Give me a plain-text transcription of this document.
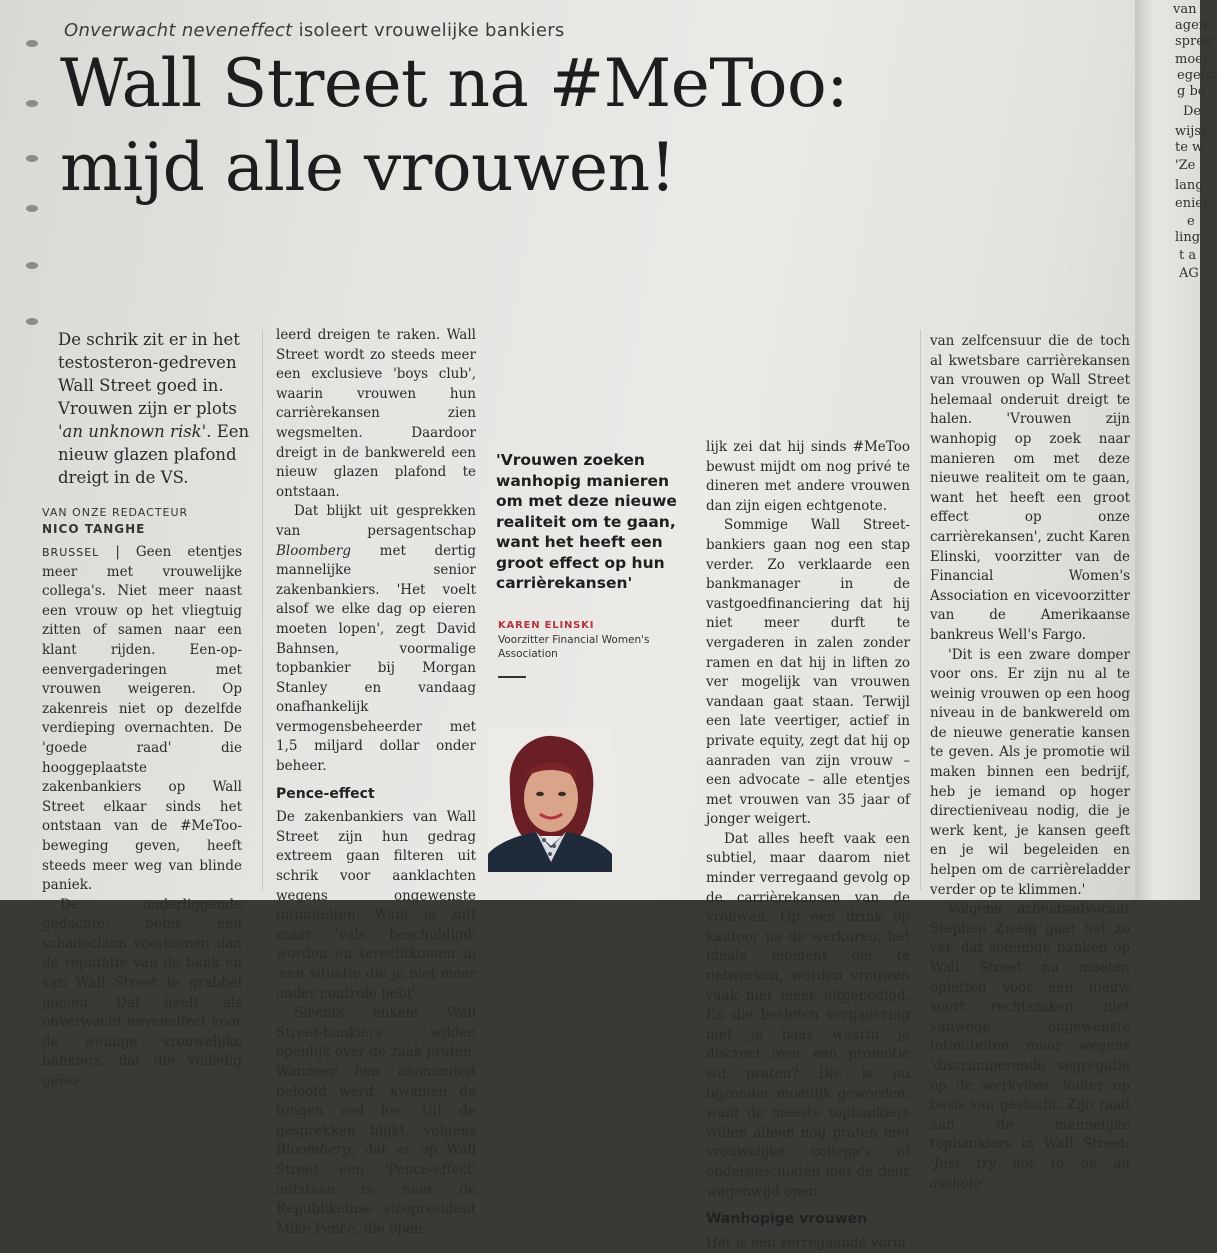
Onverwacht neveneffect isoleert vrouwelijke bankiers
Wall Street na #MeToo:
mijd alle vrouwen!
De schrik zit er in het testosteron-gedreven Wall Street goed in. Vrouwen zijn er plots 'an unknown risk'. Een nieuw glazen plafond dreigt in de VS.
VAN ONZE REDACTEUR
NICO TANGHE

BRUSSEL | Geen etentjes meer met vrouwelijke collega's. Niet meer naast een vrouw op het vliegtuig zitten of samen naar een klant rijden. Een-op-eenvergaderingen met vrouwen weigeren. Op zakenreis niet op dezelfde verdieping overnachten. De 'goede raad' die hooggeplaatste zakenbankiers op Wall Street elkaar sinds het ontstaan van de #MeToo-beweging geven, heeft steeds meer weg van blinde paniek.

De onderliggende gedachte: beter een schadeclaim voorkomen dan de reputatie van de bank en van Wall Street te grabbel gooien. Dat heeft als onverwacht neveneffect voor de weinige vrouwelijke bankiers, dat die volledig geïso-

leerd dreigen te raken. Wall Street wordt zo steeds meer een exclusieve 'boys club', waarin vrouwen hun carrièrekansen zien wegsmelten. Daardoor dreigt in de bankwereld een nieuw glazen plafond te ontstaan.

Dat blijkt uit gesprekken van persagentschap Bloomberg met dertig mannelijke senior zakenbankiers. 'Het voelt alsof we elke dag op eieren moeten lopen', zegt David Bahnsen, voormalige topbankier bij Morgan Stanley en vandaag onafhankelijk vermogensbeheerder met 1,5 miljard dollar onder beheer.

Pence-effect

De zakenbankiers van Wall Street zijn hun gedrag extreem gaan filteren uit schrik voor aanklachten wegens ongewenste intimiteiten. Want je zult maar 'vals beschuldigd' worden en terechtkomen in 'een situatie die je niet meer onder controle hebt'.

Slechts enkele Wall Street-bankiers wilden openlijk over de zaak praten. Wanneer hen anonimiteit beloofd werd, kwamen de tongen wel los. Uit de gesprekken blijkt, volgens Bloomberg, dat er op Wall Street een 'Pence-effect' ontstaan is, naar de Republikeinse vicepresident Mike Pence, die open-

'Vrouwen zoeken wanhopig manieren om met deze nieuwe realiteit om te gaan, want het heeft een groot effect op hun carrièrekansen'
KAREN ELINSKI
Voorzitter Financial Women's Association

lijk zei dat hij sinds #MeToo bewust mijdt om nog privé te dineren met andere vrouwen dan zijn eigen echtgenote.

Sommige Wall Street-bankiers gaan nog een stap verder. Zo verklaarde een bankmanager in de vastgoedfinanciering dat hij niet meer durft te vergaderen in zalen zonder ramen en dat hij in liften zo ver mogelijk van vrouwen vandaan gaat staan. Terwijl een late veertiger, actief in private equity, zegt dat hij op aanraden van zijn vrouw – een advocate – alle etentjes met vrouwen van 35 jaar of jonger weigert.

Dat alles heeft vaak een subtiel, maar daarom niet minder verregaand gevolg op de carrièrekansen van de vrouwen. Op een drink op kantoor na de werkuren, het ideale moment om te netwerken, worden vrouwen vaak niet meer uitgenodigd. En die besloten vergadering met je baas waarin je discreet over een promotie wil praten? Die is nu bijzonder moeilijk geworden, want de meeste topbankiers willen alleen nog praten met vrouwelijke collega's of ondergeschikten met de deur wagenwijd open.

Wanhopige vrouwen

Het is een verregaande vorm

van zelfcensuur die de toch al kwetsbare carrièrekansen van vrouwen op Wall Street helemaal onderuit dreigt te halen. 'Vrouwen zijn wanhopig op zoek naar manieren om met deze nieuwe realiteit om te gaan, want het heeft een groot effect op onze carrièrekansen', zucht Karen Elinski, voorzitter van de Financial Women's Association en vicevoorzitter van de Amerikaanse bankreus Well's Fargo.

'Dit is een zware domper voor ons. Er zijn nu al te weinig vrouwen op een hoog niveau in de bankwereld om de nieuwe generatie kansen te geven. Als je promotie wil maken binnen een bedrijf, heb je iemand op hoger directieniveau nodig, die je werk kent, je kansen geeft en je wil begeleiden en helpen om de carrièreladder verder op te klimmen.'

Volgens arbeidsadvocaat Stephen Zweig gaat het zo ver, dat sommige banken op Wall Street nu moeten opletten voor een nieuw soort rechtszaken: niet vanwege ongewenste intimiteiten maar wegens 'discriminerende segregatie op de werkvloer, louter op basis van geslacht. Zijn raad aan de mannelijke topbankiers in Wall Street: 'Just try not to be an asshole'.

van
agen
sprek
moet
egelst
g bo
De
wijst
te w
'Ze
lang
eniet
e
ling
t a
AG
